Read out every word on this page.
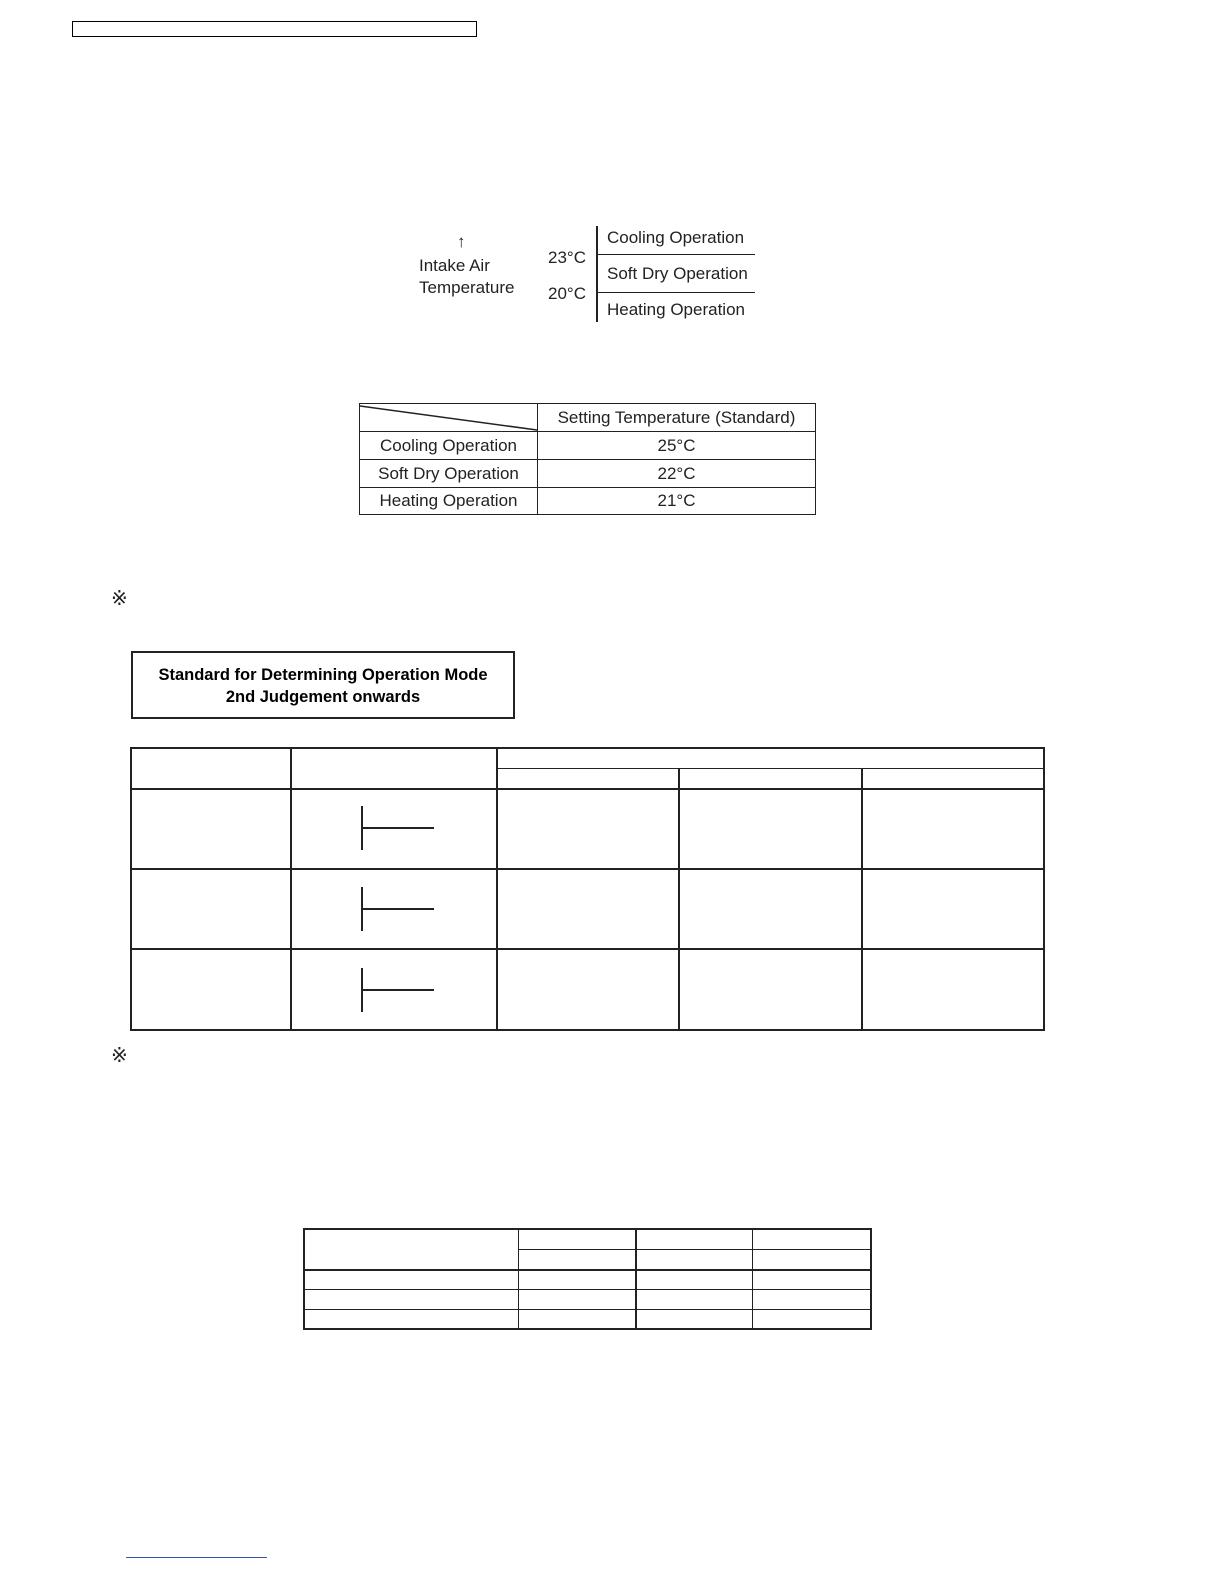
↑
Intake Air
Temperature
23°C
20°C
Cooling Operation
Soft Dry Operation
Heating Operation
	Setting Temperature (Standard)
Cooling Operation	25°C
Soft Dry Operation	22°C
Heating Operation	21°C
※
Standard for Determining Operation Mode
2nd Judgement onwards
※
